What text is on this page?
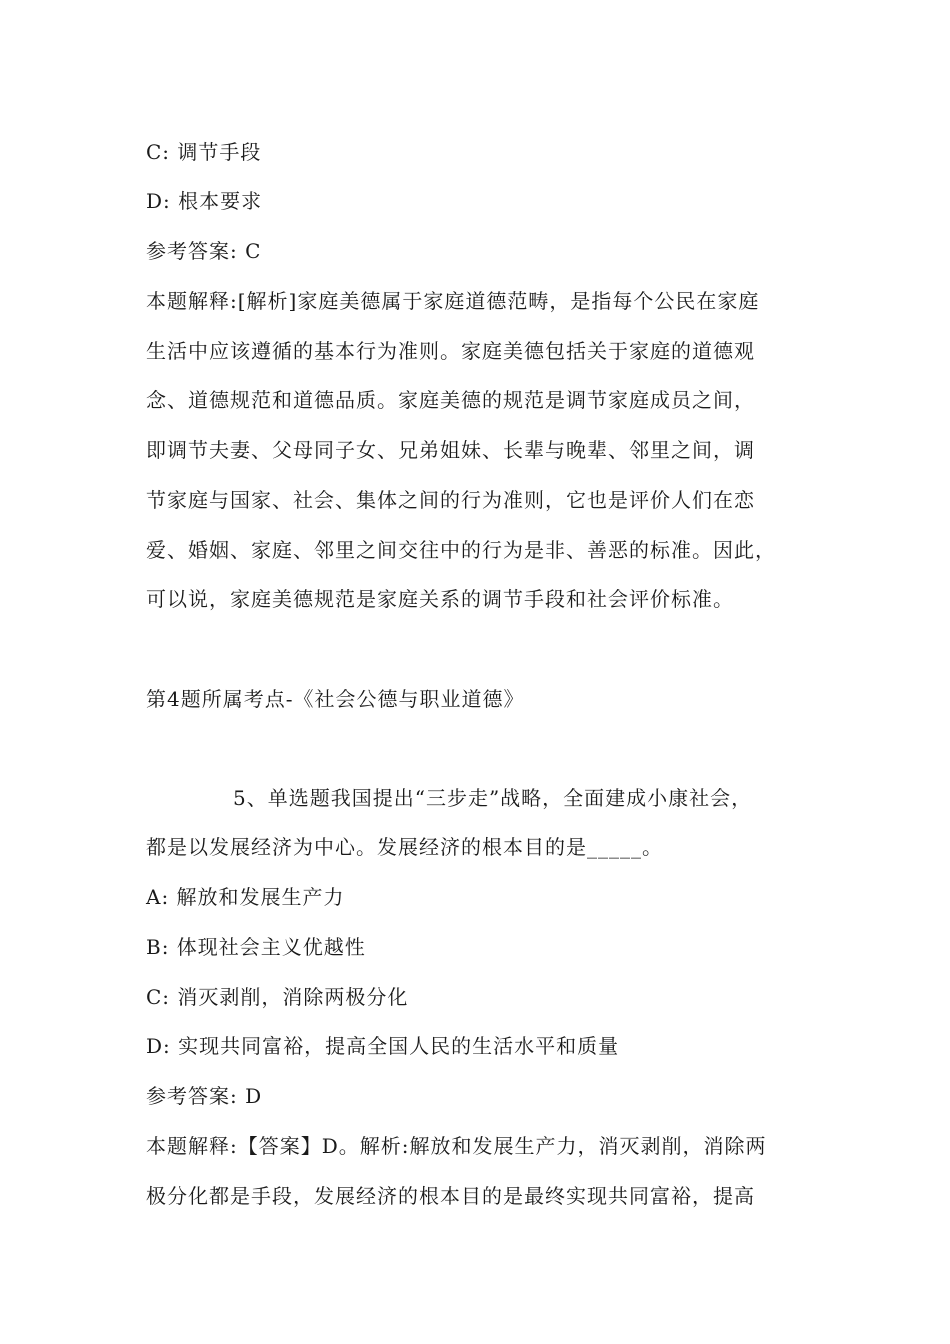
C: 调节手段
D: 根本要求
参考答案: C
本题解释:[解析]家庭美德属于家庭道德范畴，是指每个公民在家庭
生活中应该遵循的基本行为准则。家庭美德包括关于家庭的道德观
念、道德规范和道德品质。家庭美德的规范是调节家庭成员之间，
即调节夫妻、父母同子女、兄弟姐妹、长辈与晚辈、邻里之间，调
节家庭与国家、社会、集体之间的行为准则，它也是评价人们在恋
爱、婚姻、家庭、邻里之间交往中的行为是非、善恶的标准。因此，
可以说，家庭美德规范是家庭关系的调节手段和社会评价标准。
第4题所属考点-《社会公德与职业道德》
5、单选题我国提出“三步走”战略，全面建成小康社会，
都是以发展经济为中心。发展经济的根本目的是_____。
A: 解放和发展生产力
B: 体现社会主义优越性
C: 消灭剥削，消除两极分化
D: 实现共同富裕，提高全国人民的生活水平和质量
参考答案: D
本题解释:【答案】D。解析:解放和发展生产力，消灭剥削，消除两
极分化都是手段，发展经济的根本目的是最终实现共同富裕，提高
